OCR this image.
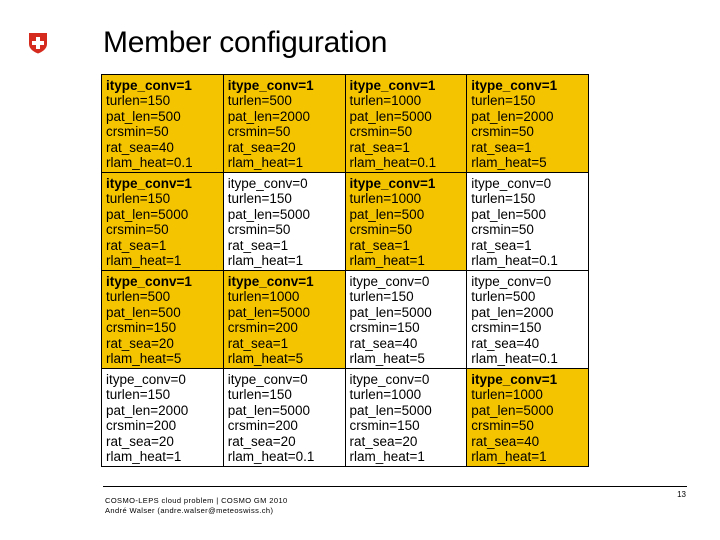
Member configuration
itype_conv=1
turlen=150
pat_len=500
crsmin=50
rat_sea=40
rlam_heat=0.1
itype_conv=1
turlen=500
pat_len=2000
crsmin=50
rat_sea=20
rlam_heat=1
itype_conv=1
turlen=1000
pat_len=5000
crsmin=50
rat_sea=1
rlam_heat=0.1
itype_conv=1
turlen=150
pat_len=2000
crsmin=50
rat_sea=1
rlam_heat=5
itype_conv=1
turlen=150
pat_len=5000
crsmin=50
rat_sea=1
rlam_heat=1
itype_conv=0
turlen=150
pat_len=5000
crsmin=50
rat_sea=1
rlam_heat=1
itype_conv=1
turlen=1000
pat_len=500
crsmin=50
rat_sea=1
rlam_heat=1
itype_conv=0
turlen=150
pat_len=500
crsmin=50
rat_sea=1
rlam_heat=0.1
itype_conv=1
turlen=500
pat_len=500
crsmin=150
rat_sea=20
rlam_heat=5
itype_conv=1
turlen=1000
pat_len=5000
crsmin=200
rat_sea=1
rlam_heat=5
itype_conv=0
turlen=150
pat_len=5000
crsmin=150
rat_sea=40
rlam_heat=5
itype_conv=0
turlen=500
pat_len=2000
crsmin=150
rat_sea=40
rlam_heat=0.1
itype_conv=0
turlen=150
pat_len=2000
crsmin=200
rat_sea=20
rlam_heat=1
itype_conv=0
turlen=150
pat_len=5000
crsmin=200
rat_sea=20
rlam_heat=0.1
itype_conv=0
turlen=1000
pat_len=5000
crsmin=150
rat_sea=20
rlam_heat=1
itype_conv=1
turlen=1000
pat_len=5000
crsmin=50
rat_sea=40
rlam_heat=1
COSMO-LEPS cloud problem | COSMO GM 2010
André Walser (andre.walser@meteoswiss.ch)
13
